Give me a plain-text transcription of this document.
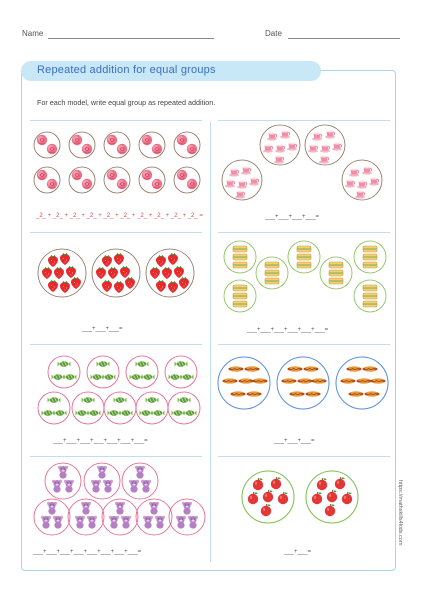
Name	Date
Repeated addition for equal groups
For each model, write equal group as repeated addition.
_2_ + _2_ + _2_ + _2_ + _2_ + _2_ + _2_ + _2_ + _2_ + _2_ =	___+___+___+___=
___+___+___=	___+___+___+___+___+___=
___+___+___+___+___+___+___=	___+___+___=
___+___+___+___+___+___+___+___=	___+___=
https://mathskills4kids.com
